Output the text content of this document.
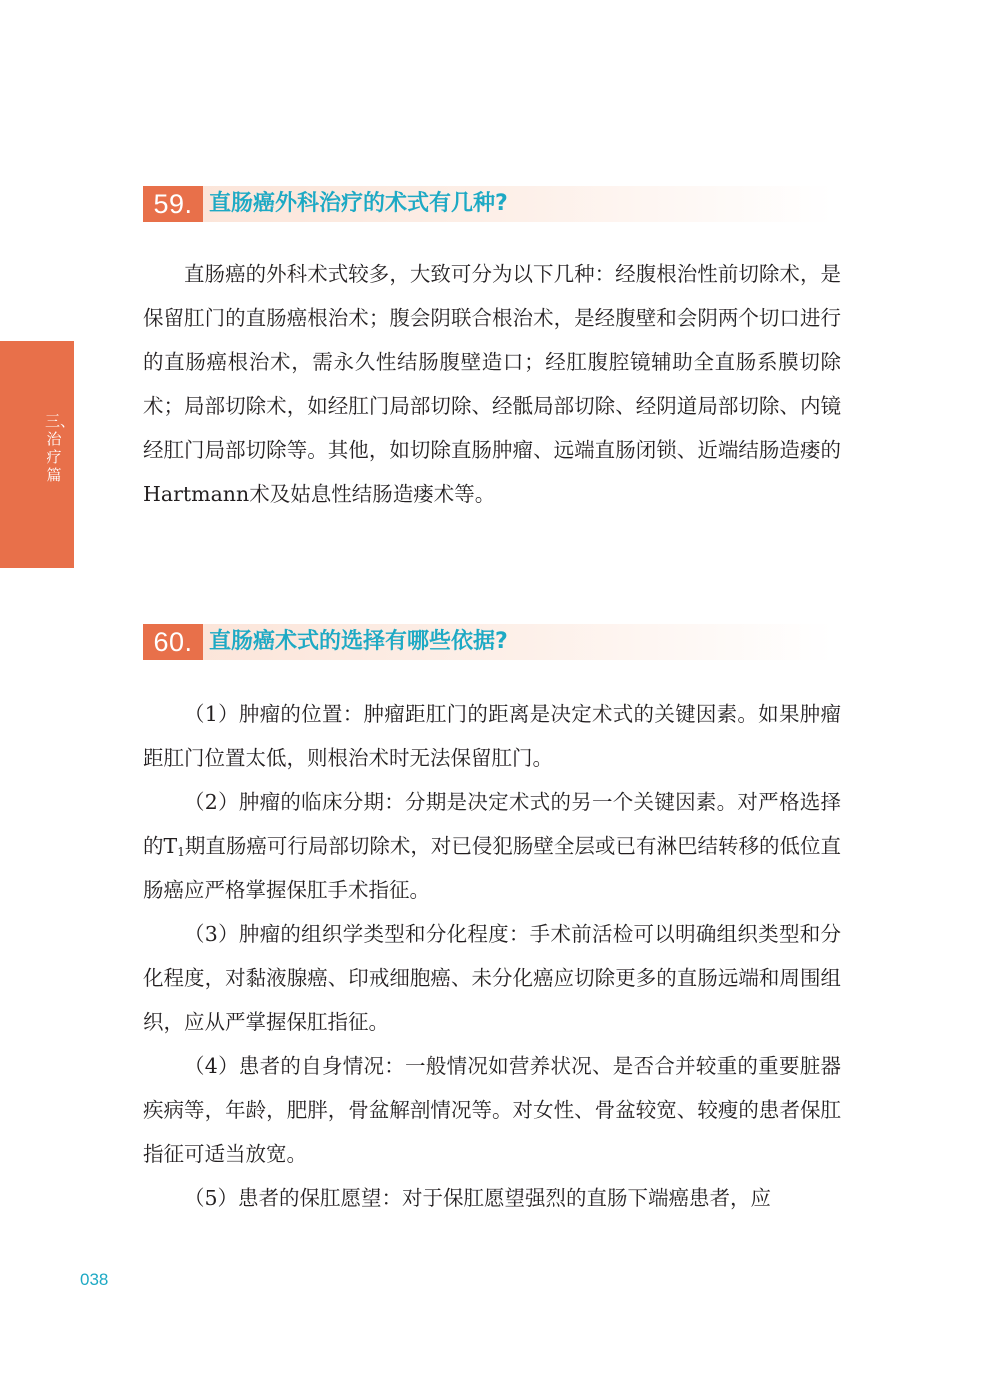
三、治疗篇
59. 直肠癌外科治疗的术式有几种?

直肠癌的外科术式较多，大致可分为以下几种：经腹根治性前切除术，是保留肛门的直肠癌根治术；腹会阴联合根治术，是经腹壁和会阴两个切口进行的直肠癌根治术，需永久性结肠腹壁造口；经肛腹腔镜辅助全直肠系膜切除术；局部切除术，如经肛门局部切除、经骶局部切除、经阴道局部切除、内镜经肛门局部切除等。其他，如切除直肠肿瘤、远端直肠闭锁、近端结肠造瘘的Hartmann术及姑息性结肠造瘘术等。

60. 直肠癌术式的选择有哪些依据?

（1）肿瘤的位置：肿瘤距肛门的距离是决定术式的关键因素。如果肿瘤距肛门位置太低，则根治术时无法保留肛门。

（2）肿瘤的临床分期：分期是决定术式的另一个关键因素。对严格选择的$T_1$期直肠癌可行局部切除术，对已侵犯肠壁全层或已有淋巴结转移的低位直肠癌应严格掌握保肛手术指征。

（3）肿瘤的组织学类型和分化程度：手术前活检可以明确组织类型和分化程度，对黏液腺癌、印戒细胞癌、未分化癌应切除更多的直肠远端和周围组织，应从严掌握保肛指征。

（4）患者的自身情况：一般情况如营养状况、是否合并较重的重要脏器疾病等，年龄，肥胖，骨盆解剖情况等。对女性、骨盆较宽、较瘦的患者保肛指征可适当放宽。

（5）患者的保肛愿望：对于保肛愿望强烈的直肠下端癌患者，应

038
